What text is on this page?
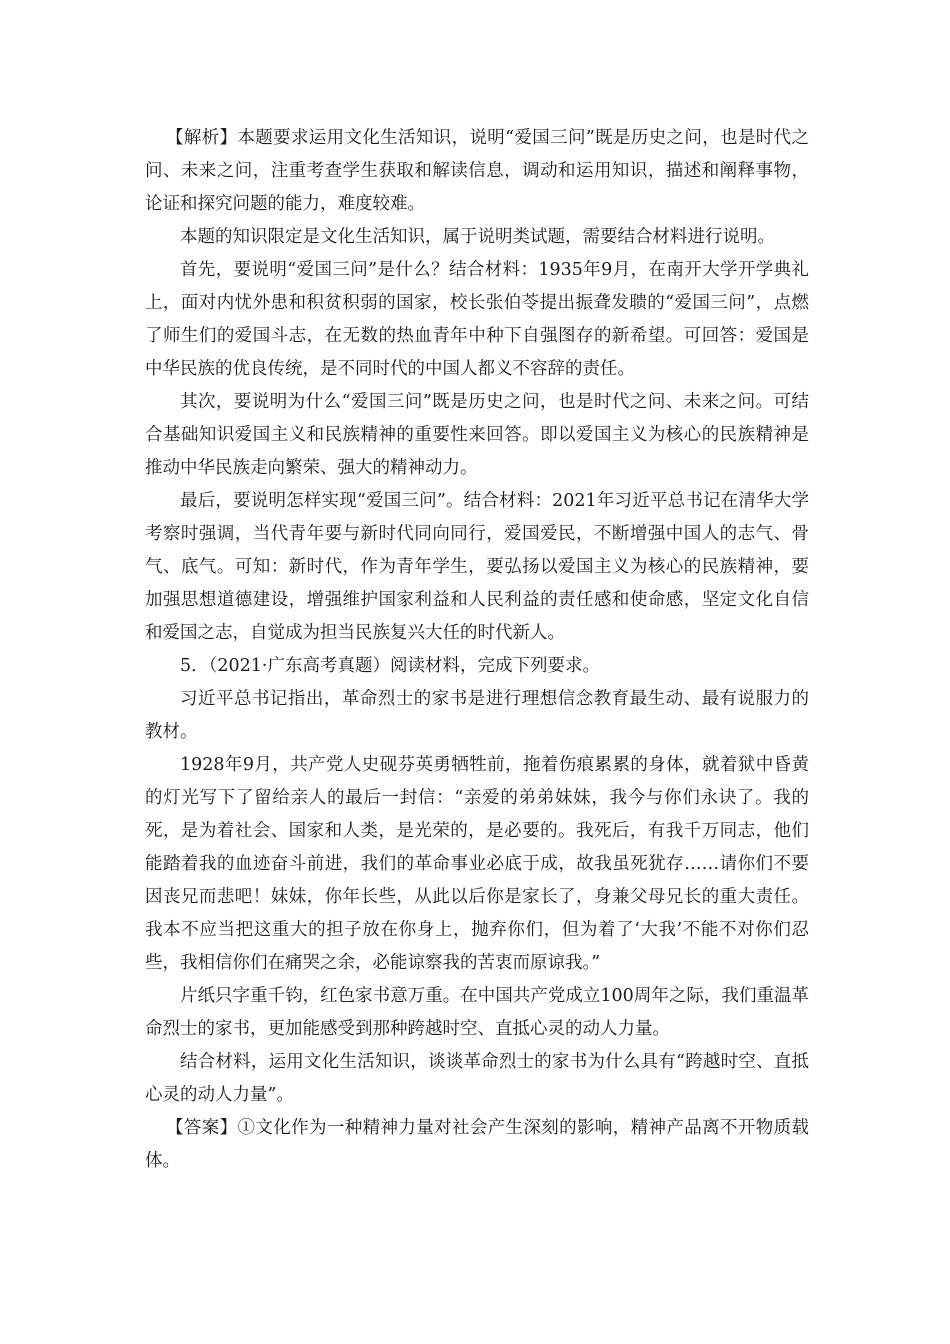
【解析】本题要求运用文化生活知识，说明“爱国三问”既是历史之问，也是时代之问、未来之问，注重考查学生获取和解读信息，调动和运用知识，描述和阐释事物，论证和探究问题的能力，难度较难。

本题的知识限定是文化生活知识，属于说明类试题，需要结合材料进行说明。

首先，要说明“爱国三问”是什么？结合材料：1935年9月，在南开大学开学典礼上，面对内忧外患和积贫积弱的国家，校长张伯苓提出振聋发聩的“爱国三问”，点燃了师生们的爱国斗志，在无数的热血青年中种下自强图存的新希望。可回答：爱国是中华民族的优良传统，是不同时代的中国人都义不容辞的责任。

其次，要说明为什么“爱国三问”既是历史之问，也是时代之问、未来之问。可结合基础知识爱国主义和民族精神的重要性来回答。即以爱国主义为核心的民族精神是推动中华民族走向繁荣、强大的精神动力。

最后，要说明怎样实现“爱国三问”。结合材料：2021年习近平总书记在清华大学考察时强调，当代青年要与新时代同向同行，爱国爱民，不断增强中国人的志气、骨气、底气。可知：新时代，作为青年学生，要弘扬以爱国主义为核心的民族精神，要加强思想道德建设，增强维护国家利益和人民利益的责任感和使命感，坚定文化自信和爱国之志，自觉成为担当民族复兴大任的时代新人。

5．（2021·广东高考真题）阅读材料，完成下列要求。

习近平总书记指出，革命烈士的家书是进行理想信念教育最生动、最有说服力的教材。

1928年9月，共产党人史砚芬英勇牺牲前，拖着伤痕累累的身体，就着狱中昏黄的灯光写下了留给亲人的最后一封信：“亲爱的弟弟妹妹，我今与你们永诀了。我的死，是为着社会、国家和人类，是光荣的，是必要的。我死后，有我千万同志，他们能踏着我的血迹奋斗前进，我们的革命事业必底于成，故我虽死犹存……请你们不要因丧兄而悲吧！妹妹，你年长些，从此以后你是家长了，身兼父母兄长的重大责任。我本不应当把这重大的担子放在你身上，抛弃你们，但为着了‘大我’不能不对你们忍些，我相信你们在痛哭之余，必能谅察我的苦衷而原谅我。”

片纸只字重千钧，红色家书意万重。在中国共产党成立100周年之际，我们重温革命烈士的家书，更加能感受到那种跨越时空、直抵心灵的动人力量。

结合材料，运用文化生活知识，谈谈革命烈士的家书为什么具有“跨越时空、直抵心灵的动人力量”。

【答案】①文化作为一种精神力量对社会产生深刻的影响，精神产品离不开物质载体。
